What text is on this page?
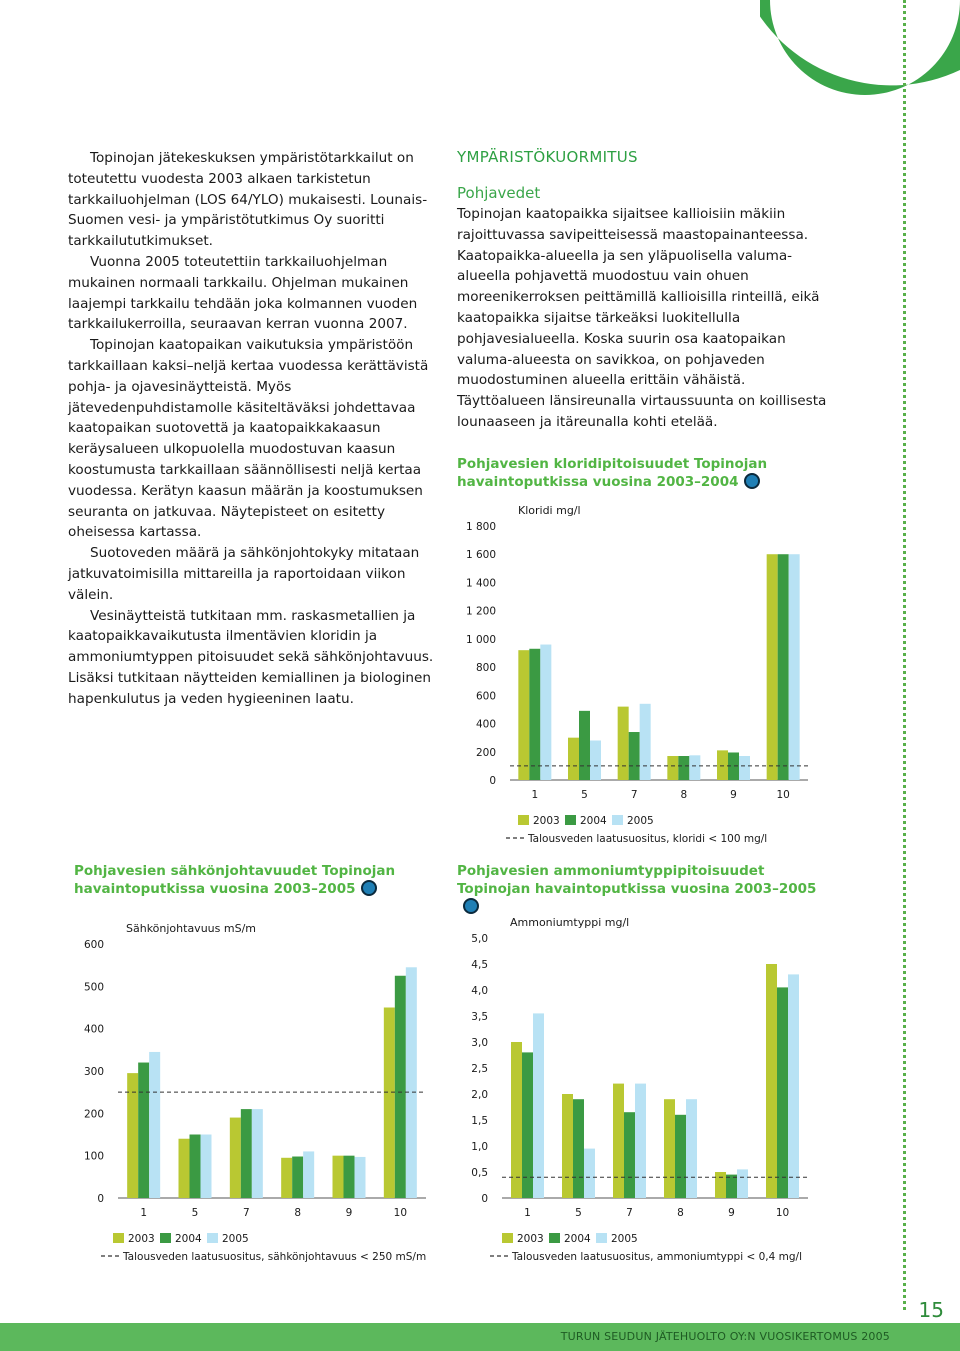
Topinojan jätekeskuksen ympäristötarkkailut on toteutettu vuodesta 2003 alkaen tarkistetun tarkkailuohjelman (LOS 64/YLO) mukaisesti. Lounais-Suomen vesi- ja ympäristötutkimus Oy suoritti tarkkailututkimukset.

Vuonna 2005 toteutettiin tarkkailuohjelman mukainen normaali tarkkailu. Ohjelman mukainen laajempi tarkkailu tehdään joka kolmannen vuoden tarkkailukerroilla, seuraavan kerran vuonna 2007.

Topinojan kaatopaikan vaikutuksia ympäristöön tarkkaillaan kaksi–neljä kertaa vuodessa kerättävistä pohja- ja ojavesinäytteistä. Myös jätevedenpuhdistamolle käsiteltäväksi johdettavaa kaatopaikan suotovettä ja kaatopaikkakaasun keräysalueen ulkopuolella muodostuvan kaasun koostumusta tarkkaillaan säännöllisesti neljä kertaa vuodessa. Kerätyn kaasun määrän ja koostumuksen seuranta on jatkuvaa. Näytepisteet on esitetty oheisessa kartassa.

Suotoveden määrä ja sähkönjohtokyky mitataan jatkuvatoimisilla mittareilla ja raportoidaan viikon välein.

Vesinäytteistä tutkitaan mm. raskasmetallien ja kaatopaikkavaikutusta ilmentävien kloridin ja ammoniumtyppen pitoisuudet sekä sähkönjohtavuus. Lisäksi tutkitaan näytteiden kemiallinen ja biologinen hapenkulutus ja veden hygieeninen laatu.

YMPÄRISTÖKUORMITUS
Pohjavedet

Topinojan kaatopaikka sijaitsee kallioisiin mäkiin rajoittuvassa savipeitteisessä maastopainanteessa. Kaatopaikka-alueella ja sen yläpuolisella valuma-alueella pohjavettä muodostuu vain ohuen moreenikerroksen peittämillä kallioisilla rinteillä, eikä kaatopaikka sijaitse tärkeäksi luokitellulla pohjavesialueella. Koska suurin osa kaatopaikan valuma-alueesta on savikkoa, on pohjaveden muodostuminen alueella erittäin vähäistä. Täyttöalueen länsireunalla virtaussuunta on koillisesta lounaaseen ja itäreunalla kohti etelää.

Pohjavesien kloridipitoisuudet Topinojan havaintoputkissa vuosina 2003–2004
Kloridi mg/l
0
200
400
600
800
1 000
1 200
1 400
1 600
1 800
1	5	7	8	9	10
2003 2004 2005
Talousveden laatusuositus, kloridi < 100 mg/l
Pohjavesien sähkönjohtavuudet Topinojan havaintoputkissa vuosina 2003–2005
Sähkönjohtavuus mS/m
0
100
200
300
400
500
600
1	5	7	8	9	10
2003 2004 2005
Talousveden laatusuositus, sähkönjohtavuus < 250 mS/m
Pohjavesien ammoniumtyppipitoisuudet Topinojan havaintoputkissa vuosina 2003–2005
Ammoniumtyppi mg/l
0
0,5
1,0
1,5
2,0
2,5
3,0
3,5
4,0
4,5
5,0
1	5	7	8	9	10
2003 2004 2005
Talousveden laatusuositus, ammoniumtyppi < 0,4 mg/l
15
TURUN SEUDUN JÄTEHUOLTO OY:N VUOSIKERTOMUS 2005
